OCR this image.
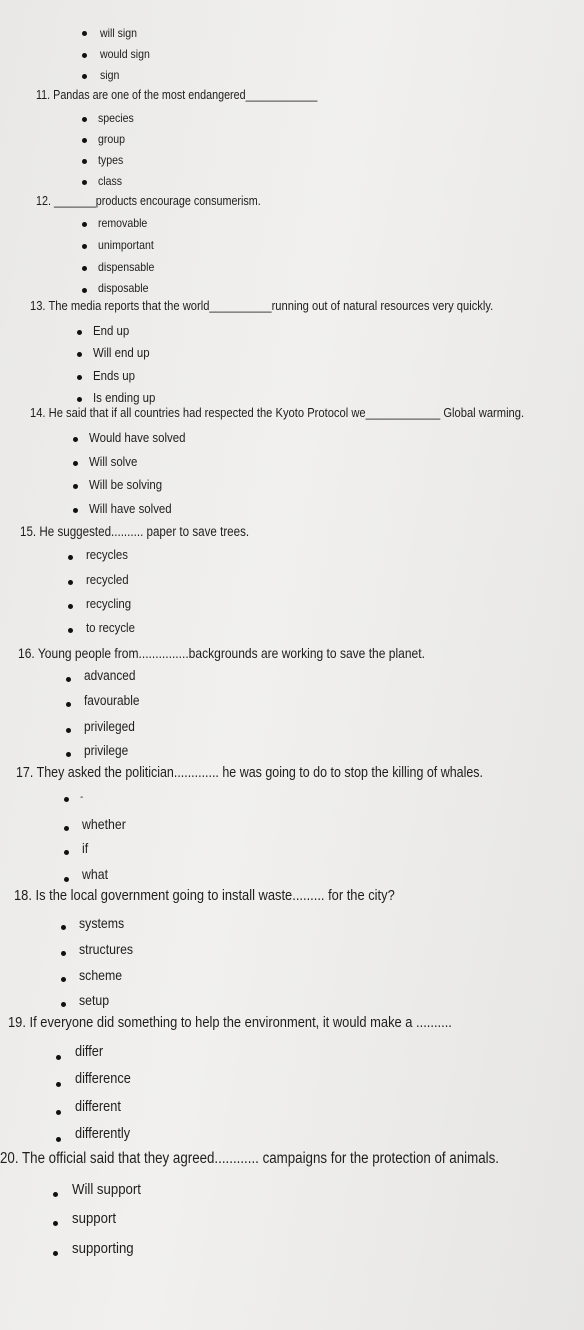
will sign
would sign
sign
11. Pandas are one of the most endangered____________
species
group
types
class
12. _______products encourage consumerism.
removable
unimportant
dispensable
disposable
13. The media reports that the world__________running out of natural resources very quickly.
End up
Will end up
Ends up
Is ending up
14. He said that if all countries had respected the Kyoto Protocol we____________ Global warming.
Would have solved
Will solve
Will be solving
Will have solved
15. He suggested.......... paper to save trees.
recycles
recycled
recycling
to recycle
16. Young people from...............backgrounds are working to save the planet.
advanced
favourable
privileged
privilege
17. They asked the politician............. he was going to do to stop the killing of whales.
-
whether
if
what
18. Is the local government going to install waste......... for the city?
systems
structures
scheme
setup
19. If everyone did something to help the environment, it would make a ..........
differ
difference
different
differently
20. The official said that they agreed............ campaigns for the protection of animals.
Will support
support
supporting
